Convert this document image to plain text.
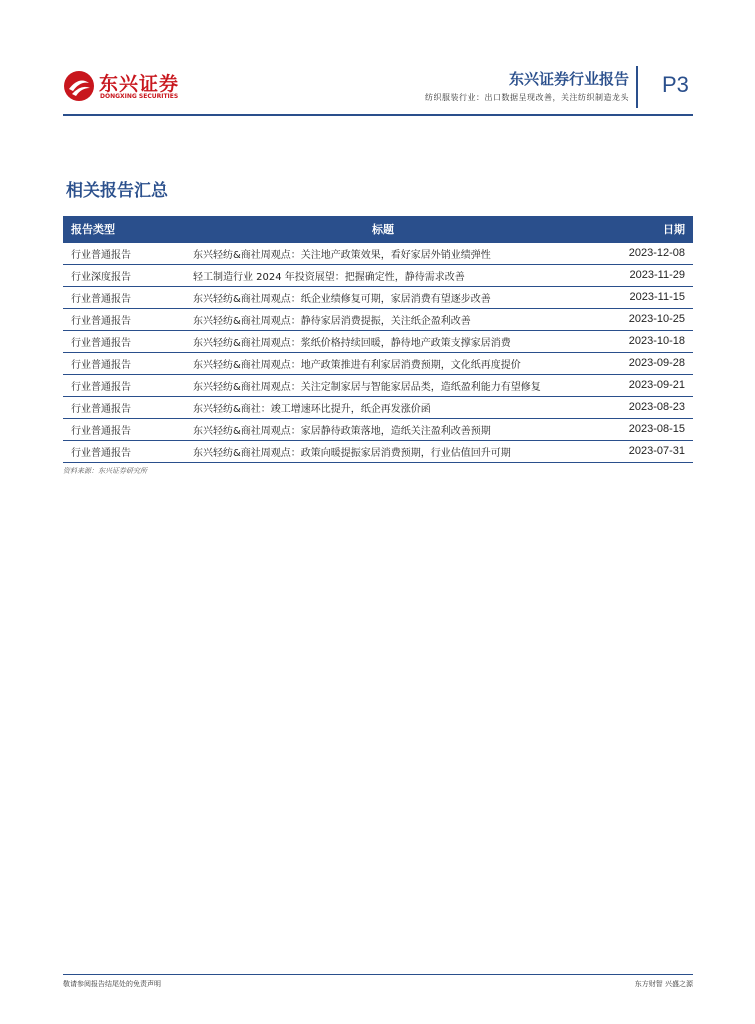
东兴证券
DONGXING SECURITIES
东兴证券行业报告
纺织服装行业：出口数据呈现改善，关注纺织制造龙头
P3
相关报告汇总
报告类型	标题	日期
行业普通报告	东兴轻纺&商社周观点：关注地产政策效果，看好家居外销业绩弹性	2023-12-08
行业深度报告	轻工制造行业 2024 年投资展望：把握确定性，静待需求改善	2023-11-29
行业普通报告	东兴轻纺&商社周观点：纸企业绩修复可期，家居消费有望逐步改善	2023-11-15
行业普通报告	东兴轻纺&商社周观点：静待家居消费提振，关注纸企盈利改善	2023-10-25
行业普通报告	东兴轻纺&商社周观点：浆纸价格持续回暖，静待地产政策支撑家居消费	2023-10-18
行业普通报告	东兴轻纺&商社周观点：地产政策推进有利家居消费预期，文化纸再度提价	2023-09-28
行业普通报告	东兴轻纺&商社周观点：关注定制家居与智能家居品类，造纸盈利能力有望修复	2023-09-21
行业普通报告	东兴轻纺&商社：竣工增速环比提升，纸企再发涨价函	2023-08-23
行业普通报告	东兴轻纺&商社周观点：家居静待政策落地，造纸关注盈利改善预期	2023-08-15
行业普通报告	东兴轻纺&商社周观点：政策向暖提振家居消费预期，行业估值回升可期	2023-07-31
资料来源：东兴证券研究所
敬请参阅报告结尾处的免责声明	东方财智 兴盛之源
